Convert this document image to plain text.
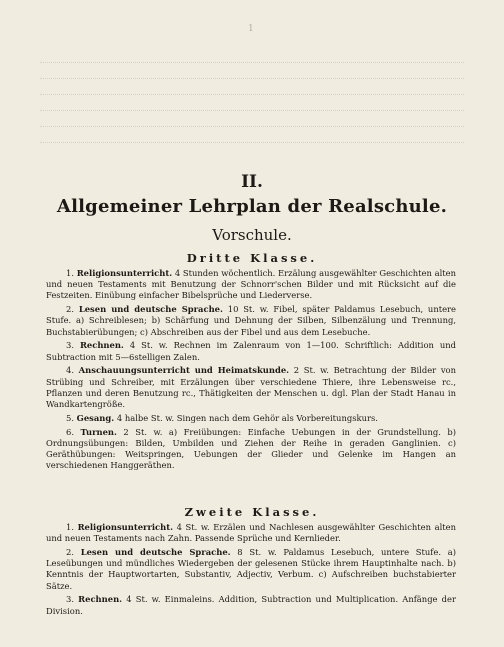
1
II.
Allgemeiner Lehrplan der Realschule.
Vorschule.
Dritte Klasse.

1. Religionsunterricht. 4 Stunden wöchentlich. Erzälung ausgewählter Geschichten alten und neuen Testaments mit Benutzung der Schnorr'schen Bilder und mit Rücksicht auf die Festzeiten. Einübung einfacher Bibelsprüche und Liederverse.

2. Lesen und deutsche Sprache. 10 St. w. Fibel, später Paldamus Lesebuch, untere Stufe. a) Schreiblesen; b) Schärfung und Dehnung der Silben, Silbenzälung und Trennung, Buchstabierübungen; c) Abschreiben aus der Fibel und aus dem Lesebuche.

3. Rechnen. 4 St. w. Rechnen im Zalenraum von 1—100. Schriftlich: Addition und Subtraction mit 5—6stelligen Zalen.

4. Anschauungsunterricht und Heimatskunde. 2 St. w. Betrachtung der Bilder von Strübing und Schreiber, mit Erzälungen über verschiedene Thiere, ihre Lebensweise rc., Pflanzen und deren Benutzung rc., Thätigkeiten der Menschen u. dgl. Plan der Stadt Hanau in Wandkartengröße.

5. Gesang. 4 halbe St. w. Singen nach dem Gehör als Vorbereitungskurs.

6. Turnen. 2 St. w. a) Freiübungen: Einfache Uebungen in der Grundstellung. b) Ordnungsübungen: Bilden, Umbilden und Ziehen der Reihe in geraden Ganglinien. c) Geräthübungen: Weitspringen, Uebungen der Glieder und Gelenke im Hangen an verschiedenen Hanggeräthen.

Zweite Klasse.

1. Religionsunterricht. 4 St. w. Erzälen und Nachlesen ausgewählter Geschichten alten und neuen Testaments nach Zahn. Passende Sprüche und Kernlieder.

2. Lesen und deutsche Sprache. 8 St. w. Paldamus Lesebuch, untere Stufe. a) Leseübungen und mündliches Wiedergeben der gelesenen Stücke ihrem Hauptinhalte nach. b) Kenntnis der Hauptwortarten, Substantiv, Adjectiv, Verbum. c) Aufschreiben buchstabierter Sätze.

3. Rechnen. 4 St. w. Einmaleins. Addition, Subtraction und Multiplication. Anfänge der Division.
